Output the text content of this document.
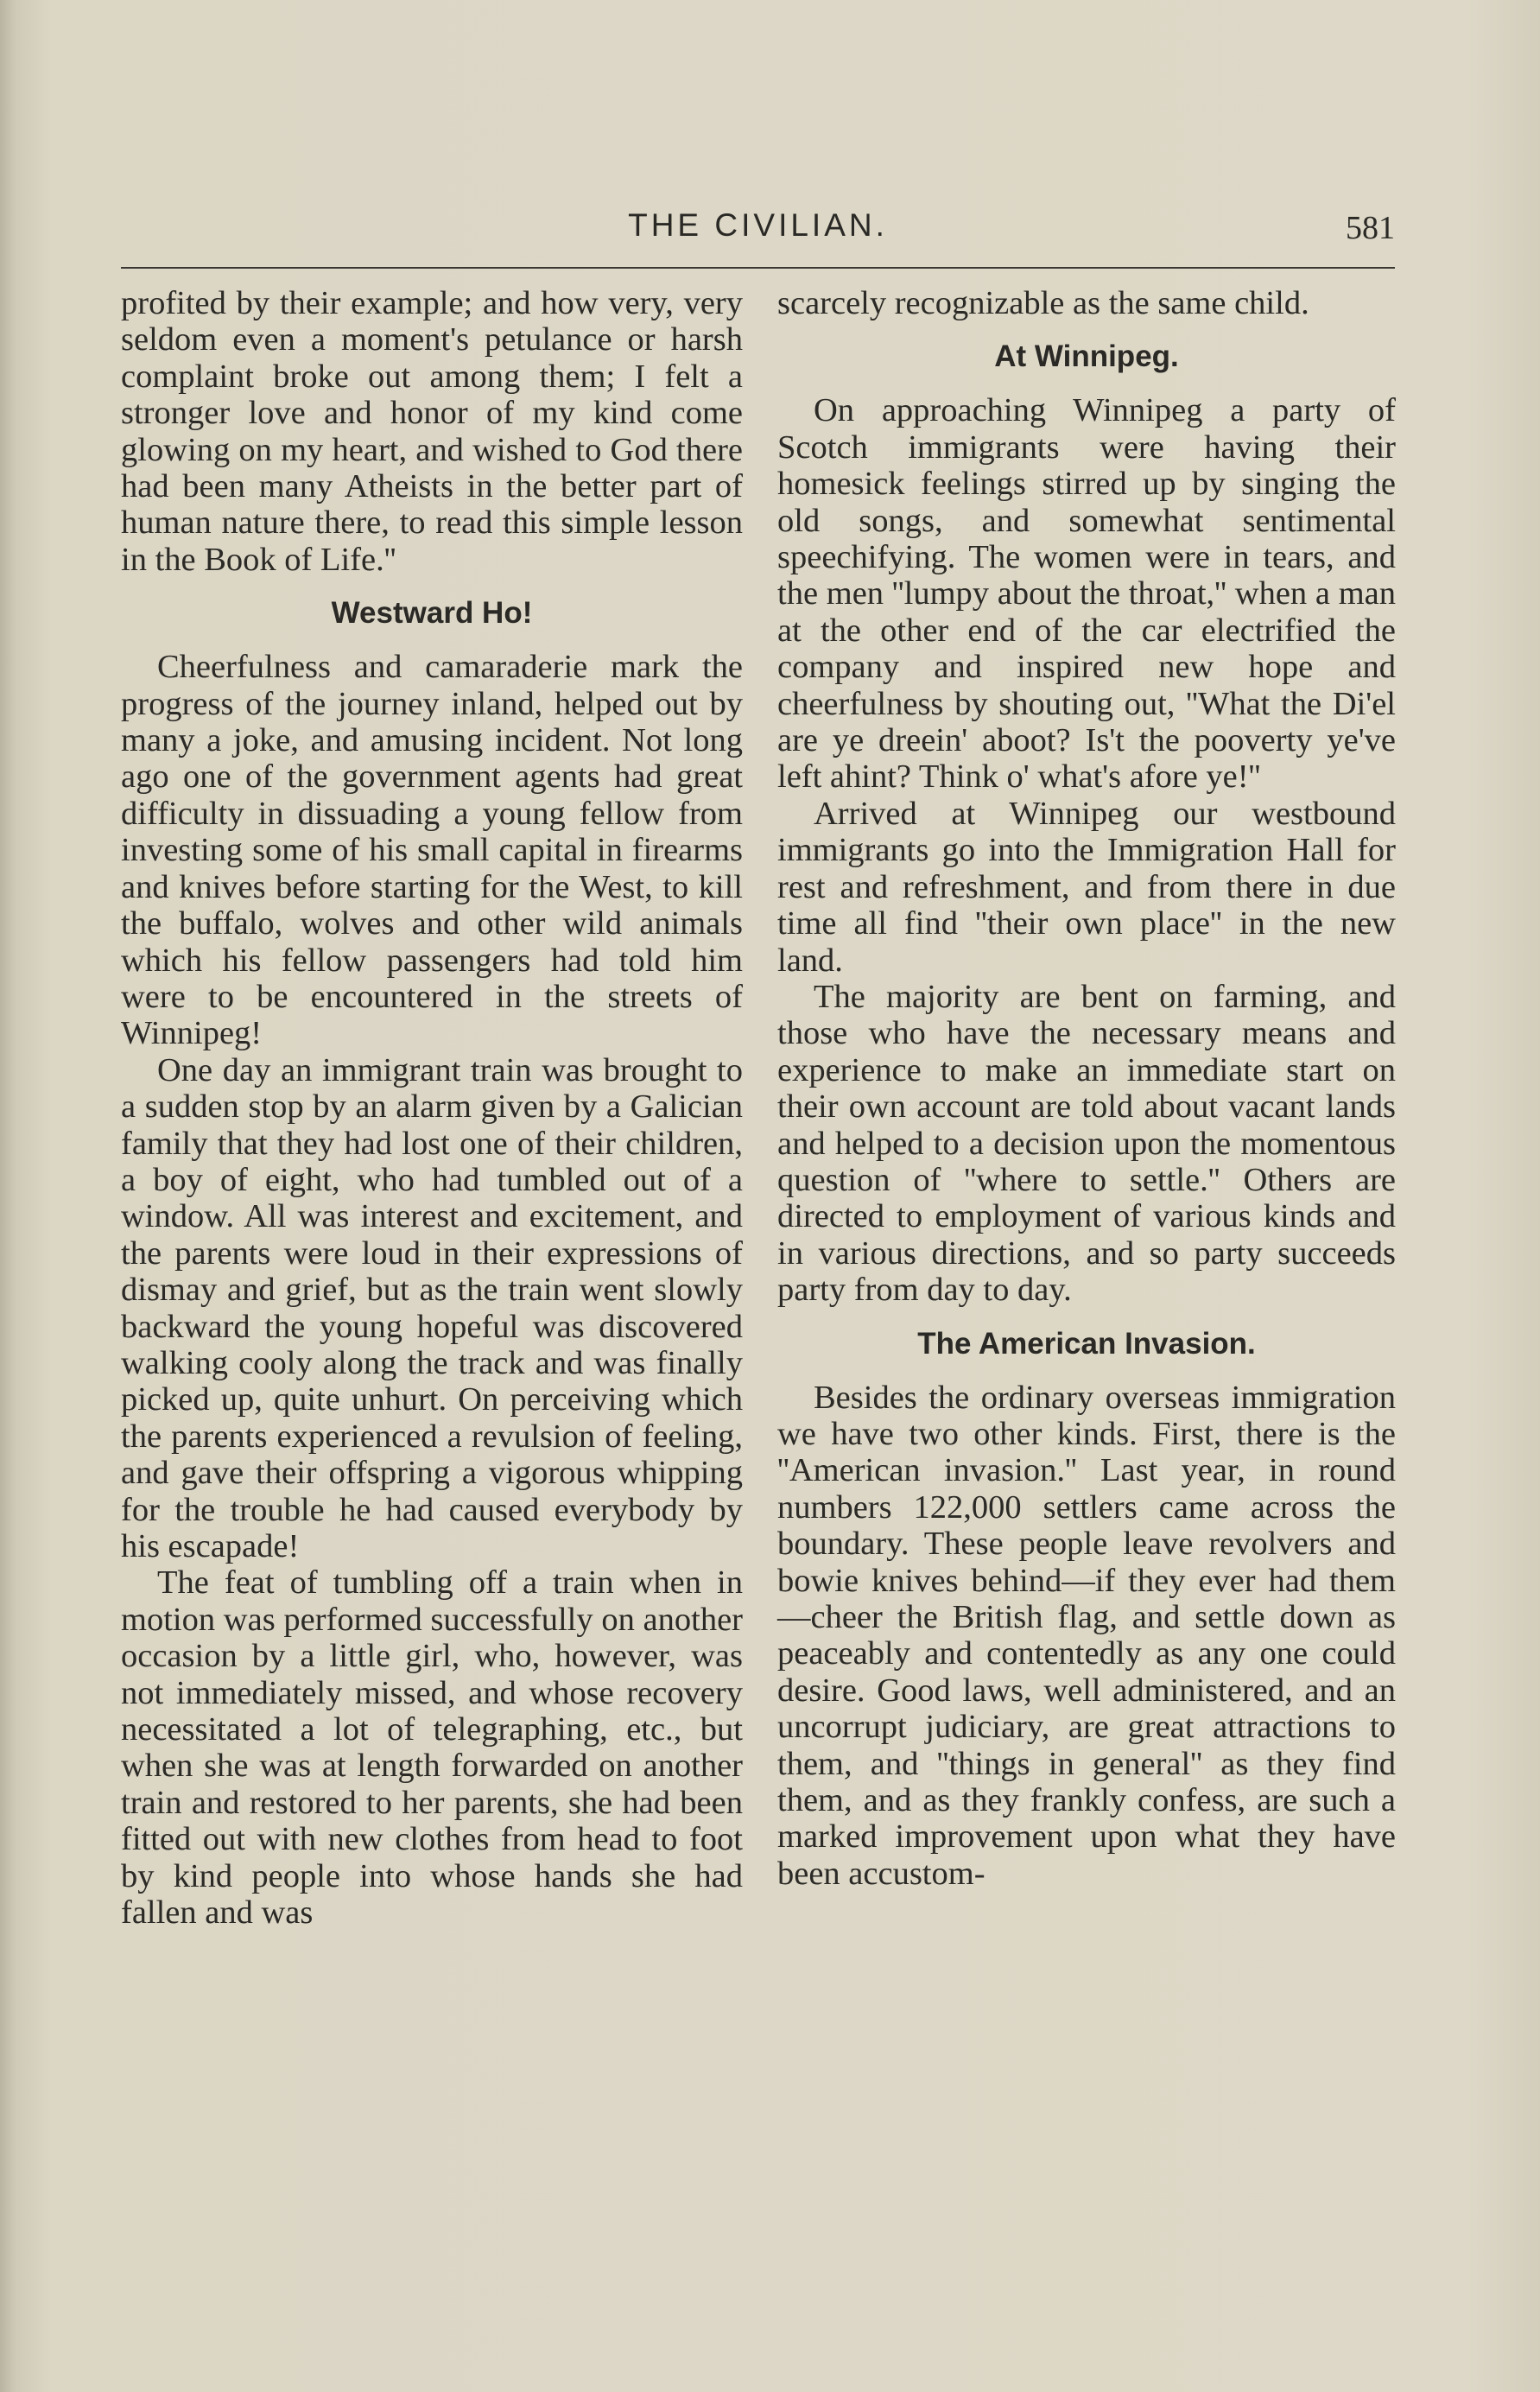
THE CIVILIAN.	581

profited by their example; and how very, very seldom even a moment's petulance or harsh complaint broke out among them; I felt a stronger love and honor of my kind come glowing on my heart, and wished to God there had been many Atheists in the better part of human nature there, to read this simple lesson in the Book of Life.''

Westward Ho!

Cheerfulness and camaraderie mark the progress of the journey inland, helped out by many a joke, and amusing incident. Not long ago one of the government agents had great difficulty in dissuading a young fellow from investing some of his small capital in firearms and knives before starting for the West, to kill the buffalo, wolves and other wild animals which his fellow passengers had told him were to be encountered in the streets of Winnipeg!

One day an immigrant train was brought to a sudden stop by an alarm given by a Galician family that they had lost one of their children, a boy of eight, who had tumbled out of a window. All was interest and excitement, and the parents were loud in their expressions of dismay and grief, but as the train went slowly backward the young hopeful was discovered walking cooly along the track and was finally picked up, quite unhurt. On perceiving which the parents experienced a revulsion of feeling, and gave their offspring a vigorous whipping for the trouble he had caused everybody by his escapade!

The feat of tumbling off a train when in motion was performed successfully on another occasion by a little girl, who, however, was not immediately missed, and whose recovery necessitated a lot of telegraphing, etc., but when she was at length forwarded on another train and restored to her parents, she had been fitted out with new clothes from head to foot by kind people into whose hands she had fallen and was

scarcely recognizable as the same child.

At Winnipeg.

On approaching Winnipeg a party of Scotch immigrants were having their homesick feelings stirred up by singing the old songs, and somewhat sentimental speechifying. The women were in tears, and the men ''lumpy about the throat,'' when a man at the other end of the car electrified the company and inspired new hope and cheerfulness by shouting out, ''What the Di'el are ye dreein' aboot? Is't the pooverty ye've left ahint? Think o' what's afore ye!''

Arrived at Winnipeg our westbound immigrants go into the Immigration Hall for rest and refreshment, and from there in due time all find ''their own place'' in the new land.

The majority are bent on farming, and those who have the necessary means and experience to make an immediate start on their own account are told about vacant lands and helped to a decision upon the momentous question of ''where to settle.'' Others are directed to employment of various kinds and in various directions, and so party succeeds party from day to day.

The American Invasion.

Besides the ordinary overseas immigration we have two other kinds. First, there is the ''American invasion.'' Last year, in round numbers 122,000 settlers came across the boundary. These people leave revolvers and bowie knives behind—if they ever had them—cheer the British flag, and settle down as peaceably and contentedly as any one could desire. Good laws, well administered, and an uncorrupt judiciary, are great attractions to them, and ''things in general'' as they find them, and as they frankly confess, are such a marked improvement upon what they have been accustom-
